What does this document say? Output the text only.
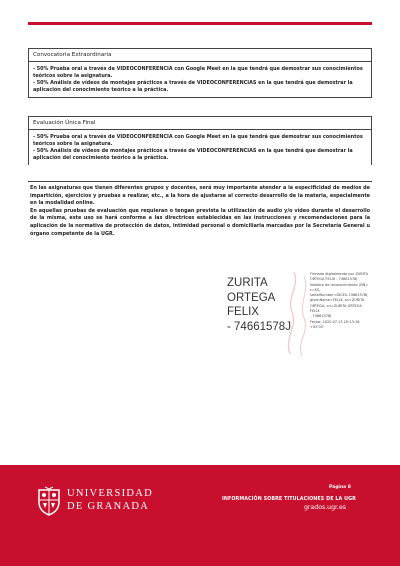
Convocatoria Extraordinaria

- 50% Prueba oral a través de VIDEOCONFERENCIA con Google Meet en la que tendrá que demostrar sus conocimientos teóricos sobre la asignatura.

- 50% Análisis de vídeos de montajes prácticos a través de VIDEOCONFERENCIAS en la que tendrá que demostrar la aplicación del conocimiento teórico a la práctica.

Evaluación Única Final

- 50% Prueba oral a través de VIDEOCONFERENCIA con Google Meet en la que tendrá que demostrar sus conocimientos teóricos sobre la asignatura.

- 50% Análisis de vídeos de montajes prácticos a través de VIDEOCONFERENCIAS en la que tendrá que demostrar la aplicación del conocimiento teórico a la práctica.

En las asignaturas que tienen diferentes grupos y docentes, será muy importante atender a la especificidad de medios de impartición, ejercicios y pruebas a realizar, etc., a la hora de ajustarse al correcto desarrollo de la materia, especialmente en la modalidad online.

En aquellas pruebas de evaluación que requieran o tengan prevista la utilización de audio y/o vídeo durante el desarrollo de la misma, este uso se hará conforme a las directrices establecidas en las instrucciones y recomendaciones para la aplicación de la normativa de protección de datos, intimidad personal o domiciliaria marcadas por la Secretaría General u órgano competente de la UGR.

ZURITA
ORTEGA FELIX
- 74661578J
Firmado digitalmente por ZURITA
ORTEGA FELIX - 74661578J
Nombre de reconocimiento (DN):
c=ES,
serialNumber=IDCES-74661578J,
givenName=FELIX, sn=ZURITA
ORTEGA, cn=ZURITA ORTEGA FELIX
- 74661578J
Fecha: 2020.07.13 20:13:16 +02'00'
UNIVERSIDAD
DE GRANADA
Página 8
INFORMACIÓN SOBRE TITULACIONES DE LA UGR
grados.ugr.es
